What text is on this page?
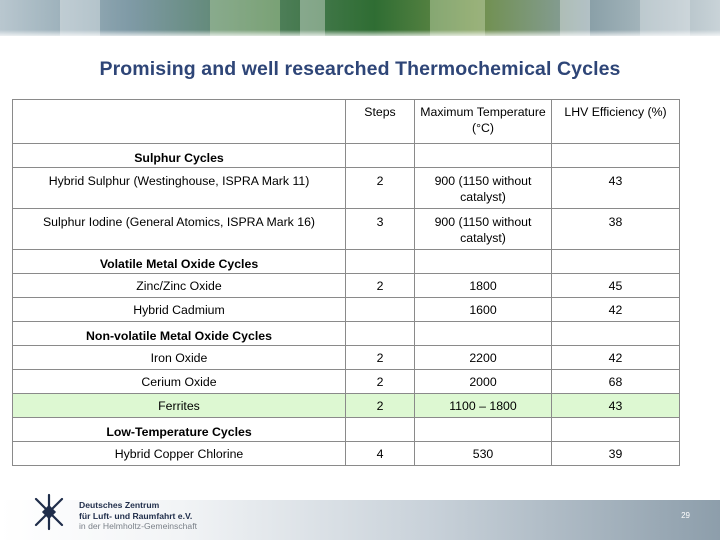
Promising and well researched Thermochemical Cycles
	Steps	Maximum Temperature (°C)	LHV Efficiency (%)
Sulphur Cycles			
Hybrid Sulphur (Westinghouse, ISPRA Mark 11)	2	900 (1150 without catalyst)	43
Sulphur Iodine (General Atomics, ISPRA Mark 16)	3	900 (1150 without catalyst)	38
Volatile Metal Oxide Cycles			
Zinc/Zinc Oxide	2	1800	45
Hybrid Cadmium		1600	42
Non-volatile Metal Oxide Cycles			
Iron Oxide	2	2200	42
Cerium Oxide	2	2000	68
Ferrites	2	1100 – 1800	43
Low-Temperature Cycles			
Hybrid Copper Chlorine	4	530	39
Deutsches Zentrum
für Luft- und Raumfahrt e.V.
in der Helmholtz-Gemeinschaft
29
